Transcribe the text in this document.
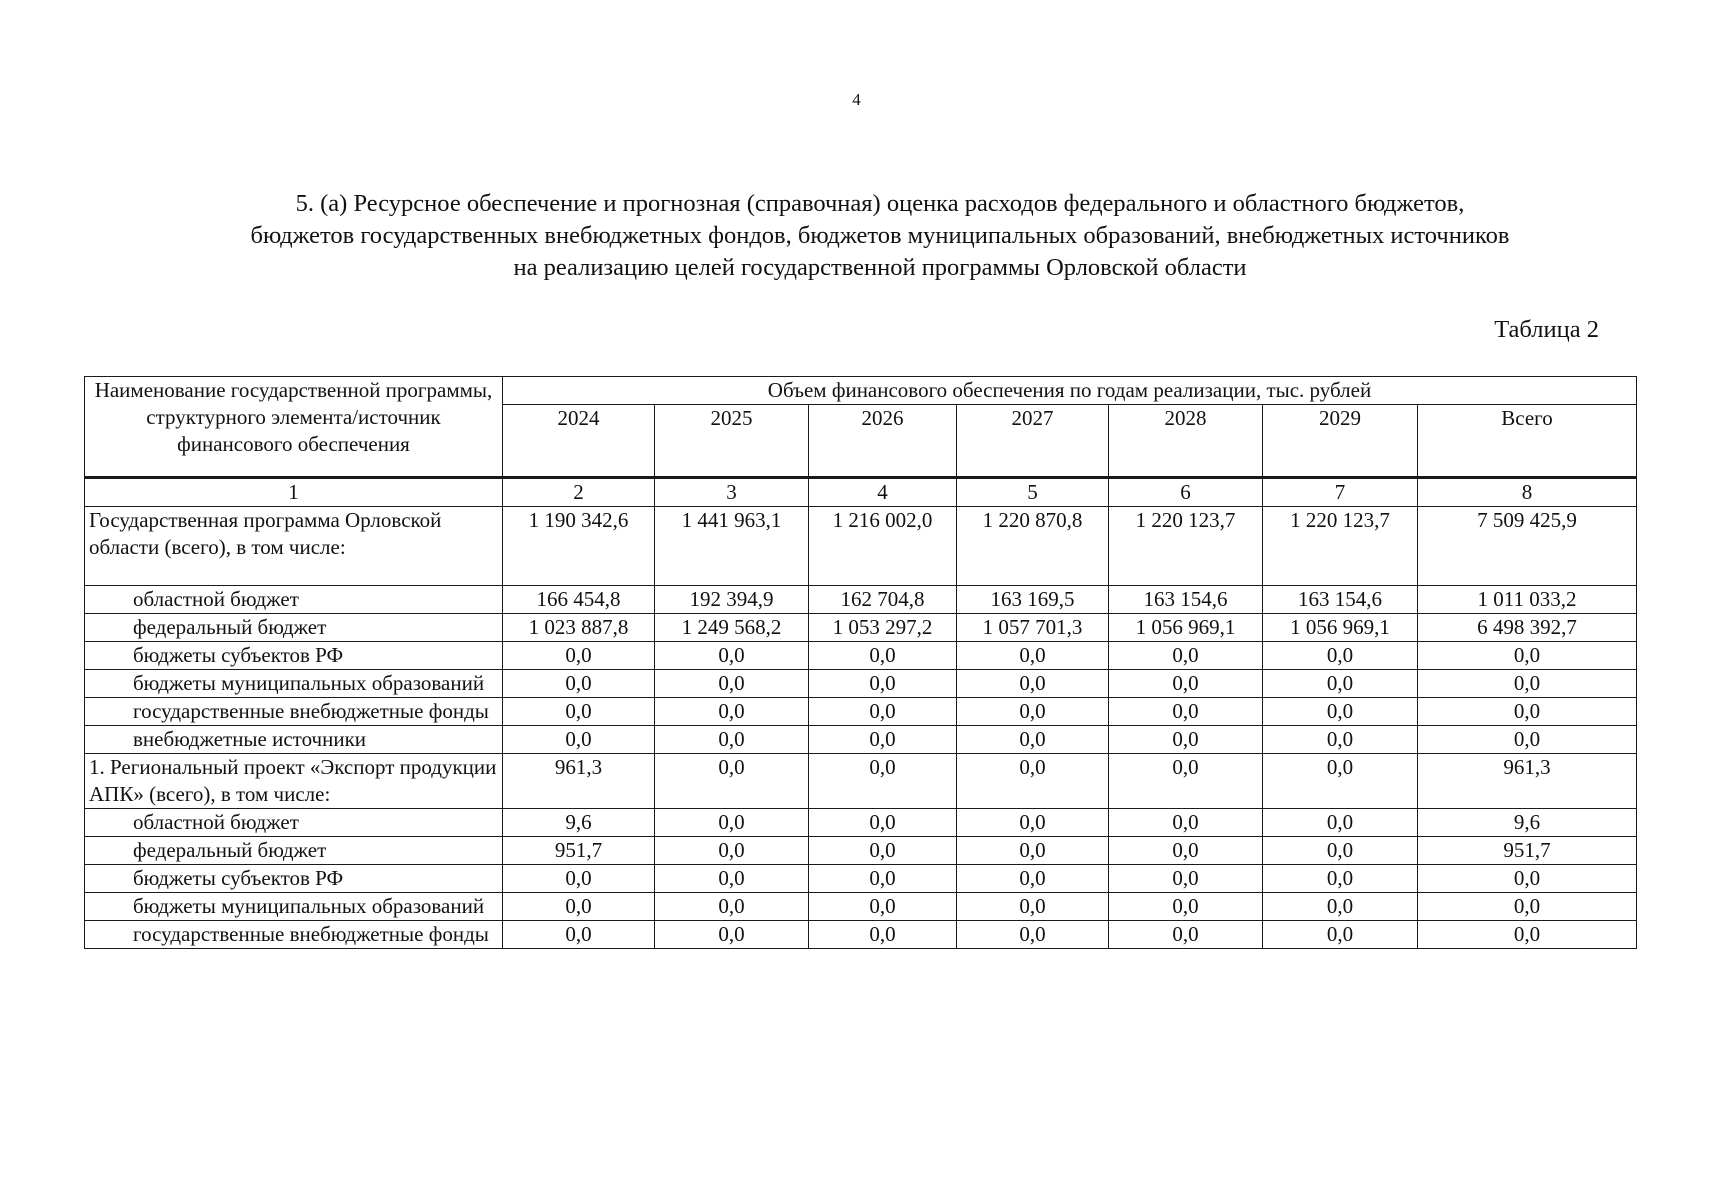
4
5. (а) Ресурсное обеспечение и прогнозная (справочная) оценка расходов федерального и областного бюджетов,
бюджетов государственных внебюджетных фондов, бюджетов муниципальных образований, внебюджетных источников
на реализацию целей государственной программы Орловской области
Таблица 2
Наименование государственной программы, структурного элемента/источник финансового обеспечения	Объем финансового обеспечения по годам реализации, тыс. рублей						
	2024	2025	2026	2027	2028	2029	Всего
1	2	3	4	5	6	7	8
Государственная программа Орловской области (всего), в том числе:	1 190 342,6	1 441 963,1	1 216 002,0	1 220 870,8	1 220 123,7	1 220 123,7	7 509 425,9
областной бюджет	166 454,8	192 394,9	162 704,8	163 169,5	163 154,6	163 154,6	1 011 033,2
федеральный бюджет	1 023 887,8	1 249 568,2	1 053 297,2	1 057 701,3	1 056 969,1	1 056 969,1	6 498 392,7
бюджеты субъектов РФ	0,0	0,0	0,0	0,0	0,0	0,0	0,0
бюджеты муниципальных образований	0,0	0,0	0,0	0,0	0,0	0,0	0,0
государственные внебюджетные фонды	0,0	0,0	0,0	0,0	0,0	0,0	0,0
внебюджетные источники	0,0	0,0	0,0	0,0	0,0	0,0	0,0
1. Региональный проект «Экспорт продукции АПК» (всего), в том числе:	961,3	0,0	0,0	0,0	0,0	0,0	961,3
областной бюджет	9,6	0,0	0,0	0,0	0,0	0,0	9,6
федеральный бюджет	951,7	0,0	0,0	0,0	0,0	0,0	951,7
бюджеты субъектов РФ	0,0	0,0	0,0	0,0	0,0	0,0	0,0
бюджеты муниципальных образований	0,0	0,0	0,0	0,0	0,0	0,0	0,0
государственные внебюджетные фонды	0,0	0,0	0,0	0,0	0,0	0,0	0,0
